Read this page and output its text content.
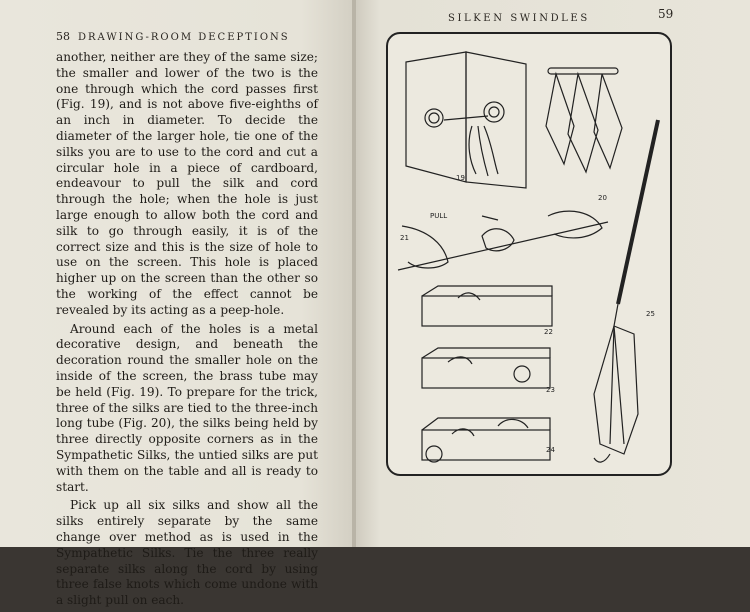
58 DRAWING-ROOM DECEPTIONS

another, neither are they of the same size; the smaller and lower of the two is the one through which the cord passes first (Fig. 19), and is not above five-eighths of an inch in diameter. To decide the diameter of the larger hole, tie one of the silks you are to use to the cord and cut a circular hole in a piece of cardboard, endeavour to pull the silk and cord through the hole; when the hole is just large enough to allow both the cord and silk to go through easily, it is of the correct size and this is the size of hole to use on the screen. This hole is placed higher up on the screen than the other so the working of the effect cannot be revealed by its acting as a peep-hole.

Around each of the holes is a metal decorative design, and beneath the decoration round the smaller hole on the inside of the screen, the brass tube may be held (Fig. 19). To prepare for the trick, three of the silks are tied to the three-inch long tube (Fig. 20), the silks being held by three directly opposite corners as in the Sympathetic Silks, the untied silks are put with them on the table and all is ready to start.

Pick up all six silks and show all the silks entirely separate by the same change over method as is used in the Sympathetic Silks. Tie the three really separate silks along the cord by using three false knots which come undone with a slight pull on each.

SILKEN SWINDLES	59
19
20
25
PULL
21
22
23
24
